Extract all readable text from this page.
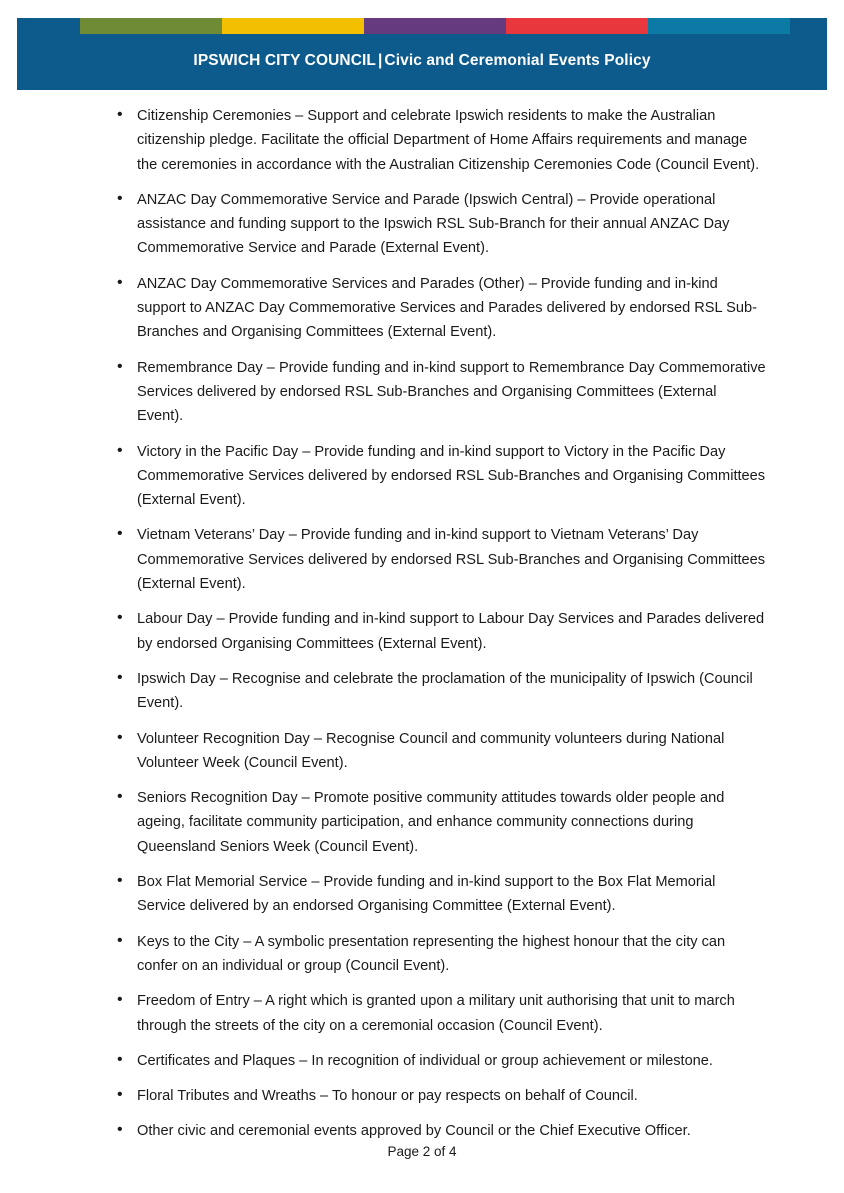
IPSWICH CITY COUNCIL | Civic and Ceremonial Events Policy
• Citizenship Ceremonies – Support and celebrate Ipswich residents to make the Australian citizenship pledge. Facilitate the official Department of Home Affairs requirements and manage the ceremonies in accordance with the Australian Citizenship Ceremonies Code (Council Event).
• ANZAC Day Commemorative Service and Parade (Ipswich Central) – Provide operational assistance and funding support to the Ipswich RSL Sub-Branch for their annual ANZAC Day Commemorative Service and Parade (External Event).
• ANZAC Day Commemorative Services and Parades (Other) – Provide funding and in-kind support to ANZAC Day Commemorative Services and Parades delivered by endorsed RSL Sub-Branches and Organising Committees (External Event).
• Remembrance Day – Provide funding and in-kind support to Remembrance Day Commemorative Services delivered by endorsed RSL Sub-Branches and Organising Committees (External Event).
• Victory in the Pacific Day – Provide funding and in-kind support to Victory in the Pacific Day Commemorative Services delivered by endorsed RSL Sub-Branches and Organising Committees (External Event).
• Vietnam Veterans’ Day – Provide funding and in-kind support to Vietnam Veterans’ Day Commemorative Services delivered by endorsed RSL Sub-Branches and Organising Committees (External Event).
• Labour Day – Provide funding and in-kind support to Labour Day Services and Parades delivered by endorsed Organising Committees (External Event).
• Ipswich Day – Recognise and celebrate the proclamation of the municipality of Ipswich (Council Event).
• Volunteer Recognition Day – Recognise Council and community volunteers during National Volunteer Week (Council Event).
• Seniors Recognition Day – Promote positive community attitudes towards older people and ageing, facilitate community participation, and enhance community connections during Queensland Seniors Week (Council Event).
• Box Flat Memorial Service – Provide funding and in-kind support to the Box Flat Memorial Service delivered by an endorsed Organising Committee (External Event).
• Keys to the City – A symbolic presentation representing the highest honour that the city can confer on an individual or group (Council Event).
• Freedom of Entry – A right which is granted upon a military unit authorising that unit to march through the streets of the city on a ceremonial occasion (Council Event).
• Certificates and Plaques – In recognition of individual or group achievement or milestone.
• Floral Tributes and Wreaths – To honour or pay respects on behalf of Council.
• Other civic and ceremonial events approved by Council or the Chief Executive Officer.
Page 2 of 4
